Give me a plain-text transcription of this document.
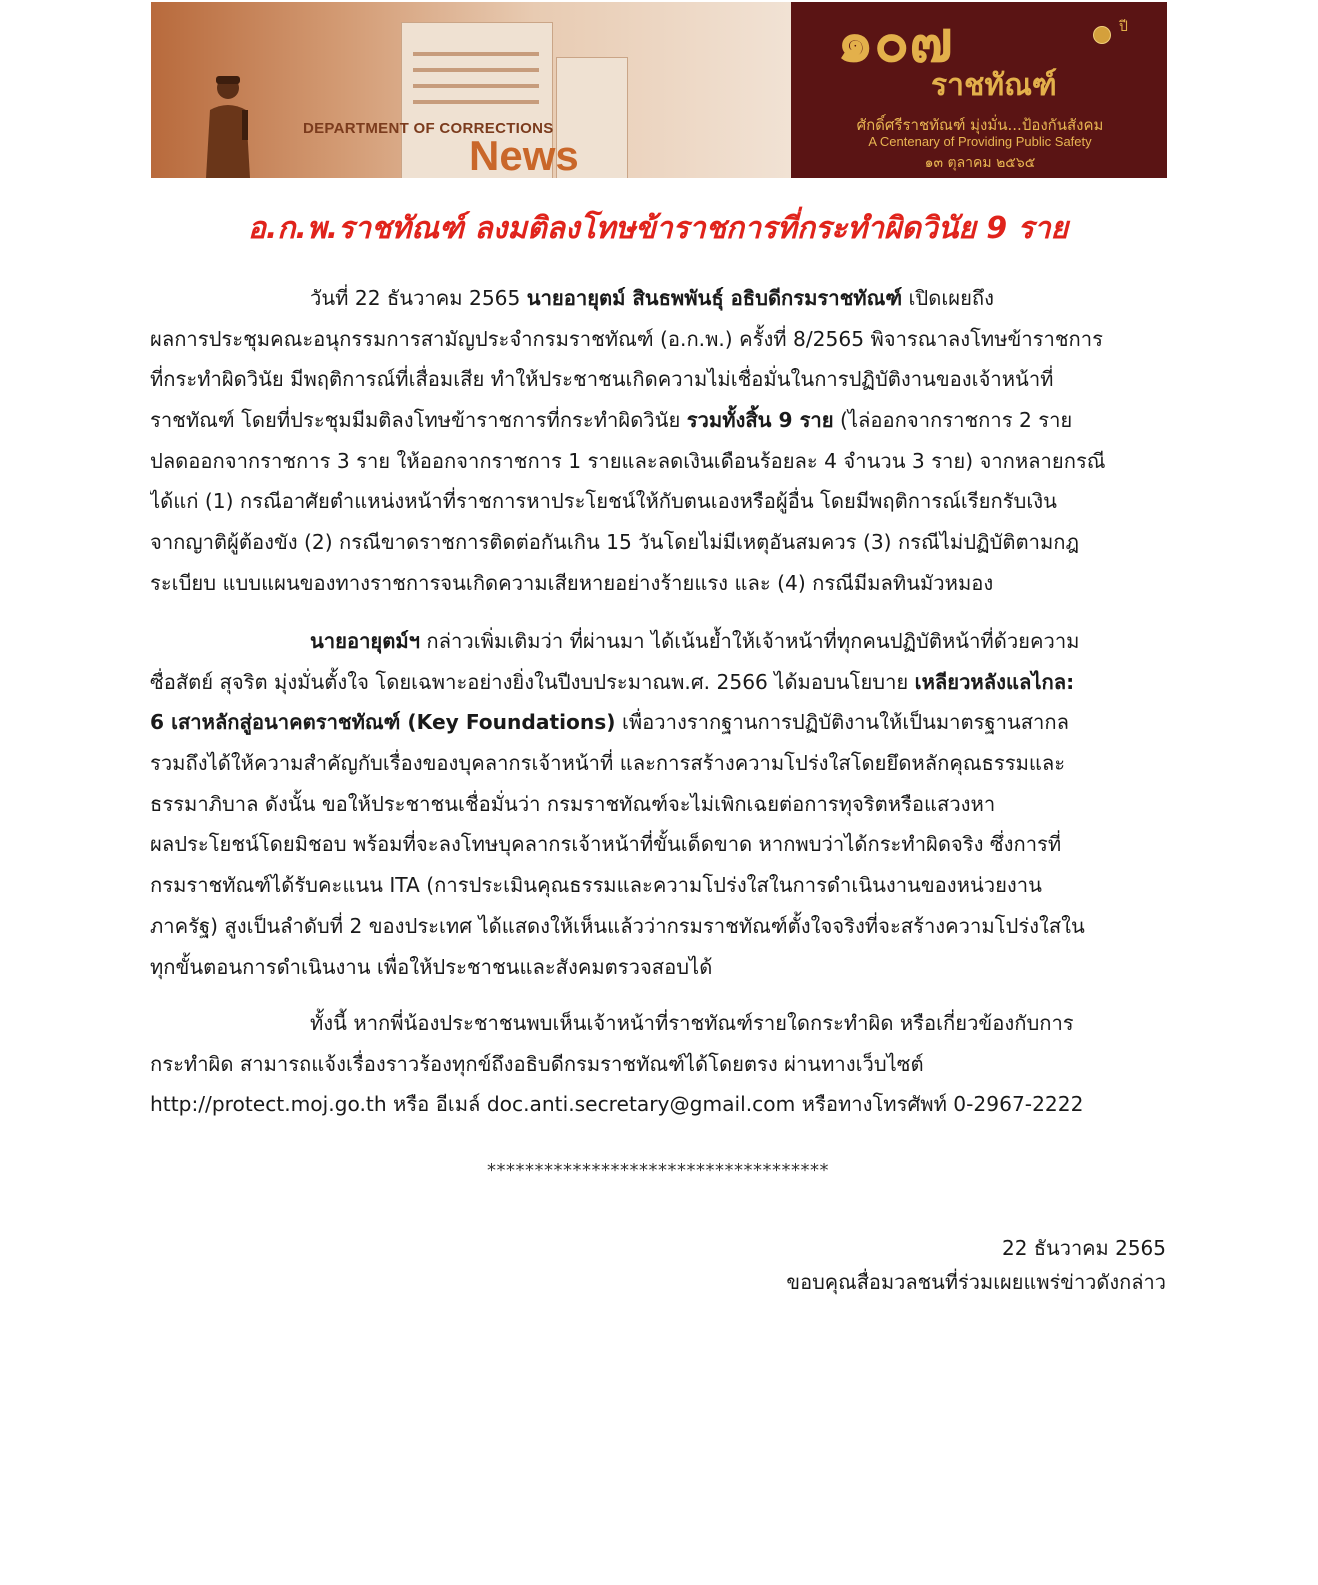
DEPARTMENT OF CORRECTIONS
News
๑๐๗	ปี
ราชทัณฑ์
ศักดิ์ศรีราชทัณฑ์ มุ่งมั่น...ป้องกันสังคม
A Centenary of Providing Public Safety
๑๓ ตุลาคม ๒๕๖๕
อ.ก.พ.ราชทัณฑ์ ลงมติลงโทษข้าราชการที่กระทำผิดวินัย 9 ราย
วันที่ 22 ธันวาคม 2565 นายอายุตม์ สินธพพันธุ์ อธิบดีกรมราชทัณฑ์ เปิดเผยถึง
ผลการประชุมคณะอนุกรรมการสามัญประจำกรมราชทัณฑ์ (อ.ก.พ.) ครั้งที่ 8/2565 พิจารณาลงโทษข้าราชการ
ที่กระทำผิดวินัย มีพฤติการณ์ที่เสื่อมเสีย ทำให้ประชาชนเกิดความไม่เชื่อมั่นในการปฏิบัติงานของเจ้าหน้าที่
ราชทัณฑ์ โดยที่ประชุมมีมติลงโทษข้าราชการที่กระทำผิดวินัย รวมทั้งสิ้น 9 ราย (ไล่ออกจากราชการ 2 ราย
ปลดออกจากราชการ 3 ราย ให้ออกจากราชการ 1 รายและลดเงินเดือนร้อยละ 4 จำนวน 3 ราย) จากหลายกรณี
ได้แก่ (1) กรณีอาศัยตำแหน่งหน้าที่ราชการหาประโยชน์ให้กับตนเองหรือผู้อื่น โดยมีพฤติการณ์เรียกรับเงิน
จากญาติผู้ต้องขัง (2) กรณีขาดราชการติดต่อกันเกิน 15 วันโดยไม่มีเหตุอันสมควร (3) กรณีไม่ปฏิบัติตามกฎ
ระเบียบ แบบแผนของทางราชการจนเกิดความเสียหายอย่างร้ายแรง และ (4) กรณีมีมลทินมัวหมอง
นายอายุตม์ฯ กล่าวเพิ่มเติมว่า ที่ผ่านมา ได้เน้นย้ำให้เจ้าหน้าที่ทุกคนปฏิบัติหน้าที่ด้วยความ
ซื่อสัตย์ สุจริต มุ่งมั่นตั้งใจ โดยเฉพาะอย่างยิ่งในปีงบประมาณพ.ศ. 2566 ได้มอบนโยบาย เหลียวหลังแลไกล:
6 เสาหลักสู่อนาคตราชทัณฑ์ (Key Foundations) เพื่อวางรากฐานการปฏิบัติงานให้เป็นมาตรฐานสากล
รวมถึงได้ให้ความสำคัญกับเรื่องของบุคลากรเจ้าหน้าที่ และการสร้างความโปร่งใสโดยยึดหลักคุณธรรมและ
ธรรมาภิบาล ดังนั้น ขอให้ประชาชนเชื่อมั่นว่า กรมราชทัณฑ์จะไม่เพิกเฉยต่อการทุจริตหรือแสวงหา
ผลประโยชน์โดยมิชอบ พร้อมที่จะลงโทษบุคลากรเจ้าหน้าที่ขั้นเด็ดขาด หากพบว่าได้กระทำผิดจริง ซึ่งการที่
กรมราชทัณฑ์ได้รับคะแนน ITA (การประเมินคุณธรรมและความโปร่งใสในการดำเนินงานของหน่วยงาน
ภาครัฐ) สูงเป็นลำดับที่ 2 ของประเทศ ได้แสดงให้เห็นแล้วว่ากรมราชทัณฑ์ตั้งใจจริงที่จะสร้างความโปร่งใสใน
ทุกขั้นตอนการดำเนินงาน เพื่อให้ประชาชนและสังคมตรวจสอบได้
ทั้งนี้ หากพี่น้องประชาชนพบเห็นเจ้าหน้าที่ราชทัณฑ์รายใดกระทำผิด หรือเกี่ยวข้องกับการ
กระทำผิด สามารถแจ้งเรื่องราวร้องทุกข์ถึงอธิบดีกรมราชทัณฑ์ได้โดยตรง ผ่านทางเว็บไซต์
http://protect.moj.go.th หรือ อีเมล์ doc.anti.secretary@gmail.com หรือทางโทรศัพท์ 0-2967-2222
************************************
22 ธันวาคม 2565
ขอบคุณสื่อมวลชนที่ร่วมเผยแพร่ข่าวดังกล่าว
